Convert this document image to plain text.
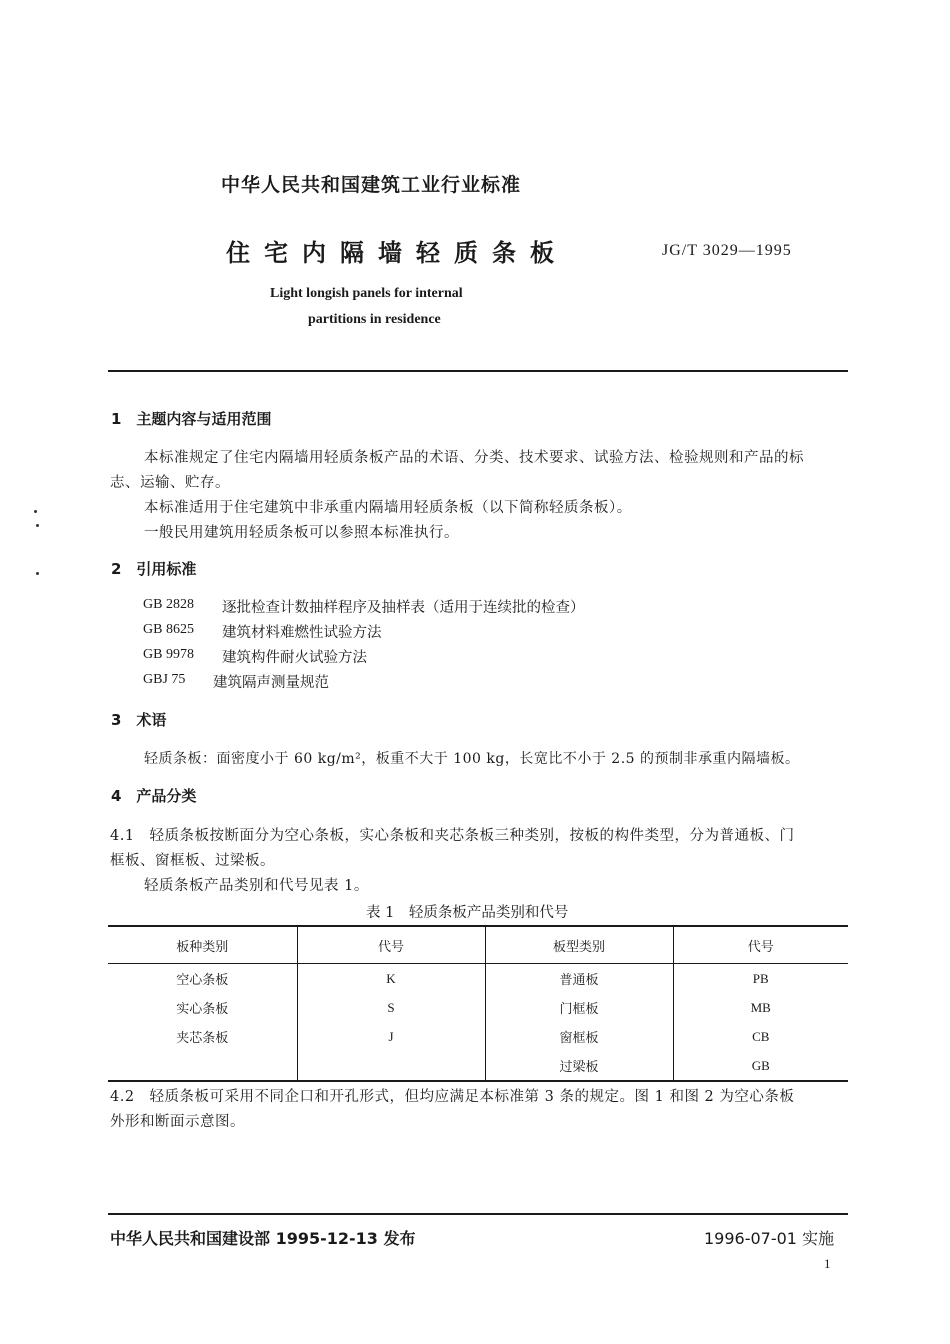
中华人民共和国建筑工业行业标准
住宅内隔墙轻质条板	JG/T 3029—1995
Light longish panels for internal
partitions in residence
1　主题内容与适用范围
本标准规定了住宅内隔墙用轻质条板产品的术语、分类、技术要求、试验方法、检验规则和产品的标
志、运输、贮存。
本标准适用于住宅建筑中非承重内隔墙用轻质条板（以下简称轻质条板）。
一般民用建筑用轻质条板可以参照本标准执行。
2　引用标准
GB 2828 逐批检查计数抽样程序及抽样表（适用于连续批的检查）
GB 8625 建筑材料难燃性试验方法
GB 9978 建筑构件耐火试验方法
GBJ 75 建筑隔声测量规范
3　术语
轻质条板：面密度小于 60 kg/m²，板重不大于 100 kg，长宽比不小于 2.5 的预制非承重内隔墙板。
4　产品分类
4.1　轻质条板按断面分为空心条板，实心条板和夹芯条板三种类别，按板的构件类型，分为普通板、门
框板、窗框板、过梁板。
轻质条板产品类别和代号见表 1。
表 1　轻质条板产品类别和代号
板种类别	代号	板型类别	代号
空心条板	K	普通板	PB
实心条板	S	门框板	MB
夹芯条板	J	窗框板	CB
		过梁板	GB
4.2　轻质条板可采用不同企口和开孔形式，但均应满足本标准第 3 条的规定。图 1 和图 2 为空心条板
外形和断面示意图。
中华人民共和国建设部 1995-12-13 发布	1996-07-01 实施
1
